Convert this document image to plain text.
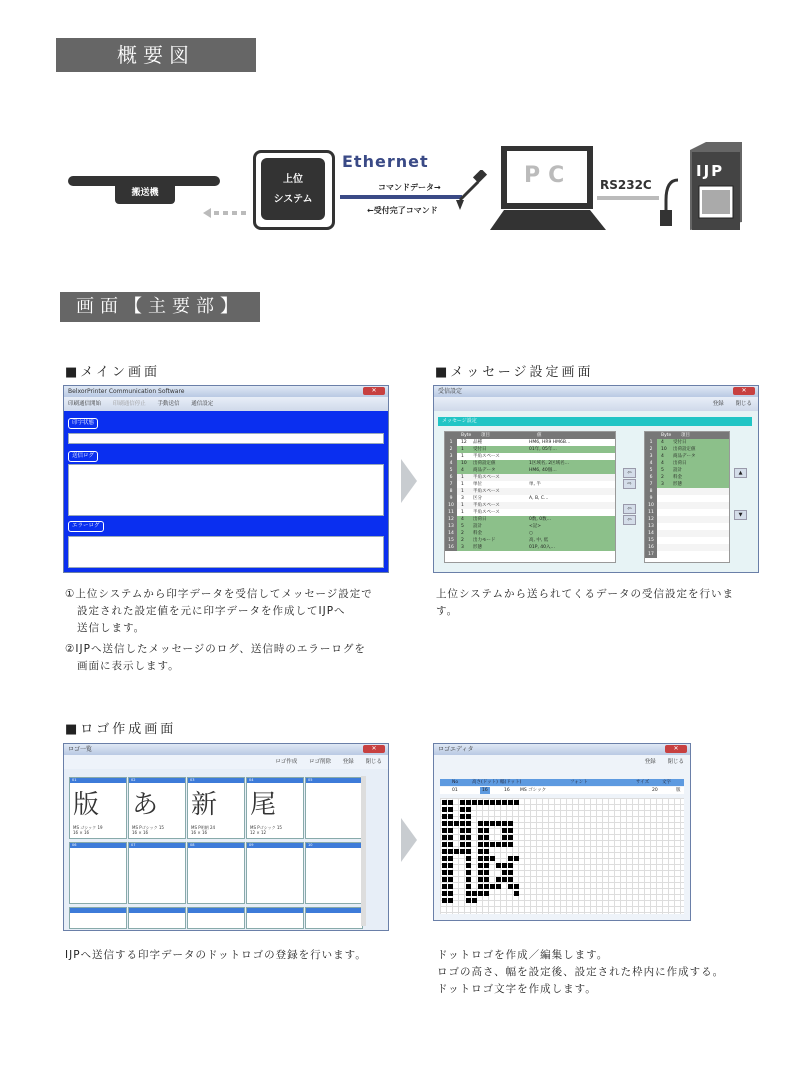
概要図
搬送機
上位
システム
Ethernet
コマンドデータ→
←受付完了コマンド
PC RS232C
IJP
画面【主要部】
■メイン画面
BelxorPrinter Communication Software	✕
印刷通信開始 印刷通信停止 手動送信 通信設定
印字状態
送信ログ
エラーログ
①上位システムから印字データを受信してメッセージ設定で
設定された設定値を元に印字データを作成してIJPへ
送信します。
②IJPへ送信したメッセージのログ、送信時のエラーログを
画面に表示します。
■メッセージ設定画面
受信設定	✕
登録 閉じる
メッセージ設定
Byte 項目	値
1 12 品種	HM6, HR9 HM6B…
2 1 受付日	01年, 05年…
3 1 半角スペース
4 10 出荷設定値	1区域名, 2区域名…
5 4 商品データ	HM6, 40個…
6 1 半角スペース
7 1 単位	単, 半
8 1 半角スペース
9 3 区分	A, B, C…
10 1 半角スペース
11 1 半角スペース
12 4 出荷日	0数, 0数…
13 5 設計	<記>
14 2 料金	○
15 2 出力モード	高, 中, 低
16 3 形態	01P, 40入…
⇦
⇨
⇦
⇦
Byte 項目
1 4 受付日
2 10 出荷設定値
3 4 商品データ
4 4 出荷日
5 5 設計
6 2 料金
7 3 形態
8
9
10
11
12
13
14
15
16
17
▲
▼
上位システムから送られてくるデータの受信設定を行いま
す。
■ロゴ作成画面
ロゴ一覧	✕
ロゴ作成 ロゴ削除 登録 閉じる
01
版
MS ゴシック 19
16 × 16
02
あ
MS Pゴシック 15
16 × 16
03
新
MS P明朝 24
16 × 16
04
尾
MS Pゴシック 15
12 × 12
05
06	07	08	09	10
IJPへ送信する印字データのドットロゴの登録を行います。
ロゴエディタ	✕
登録 閉じる
No	高さ(ドット) 幅(ドット)	フォント	サイズ	文字
01	16	16 MS ゴシック	20	版
ドットロゴを作成／編集します。
ロゴの高さ、幅を設定後、設定された枠内に作成する。
ドットロゴ文字を作成します。
